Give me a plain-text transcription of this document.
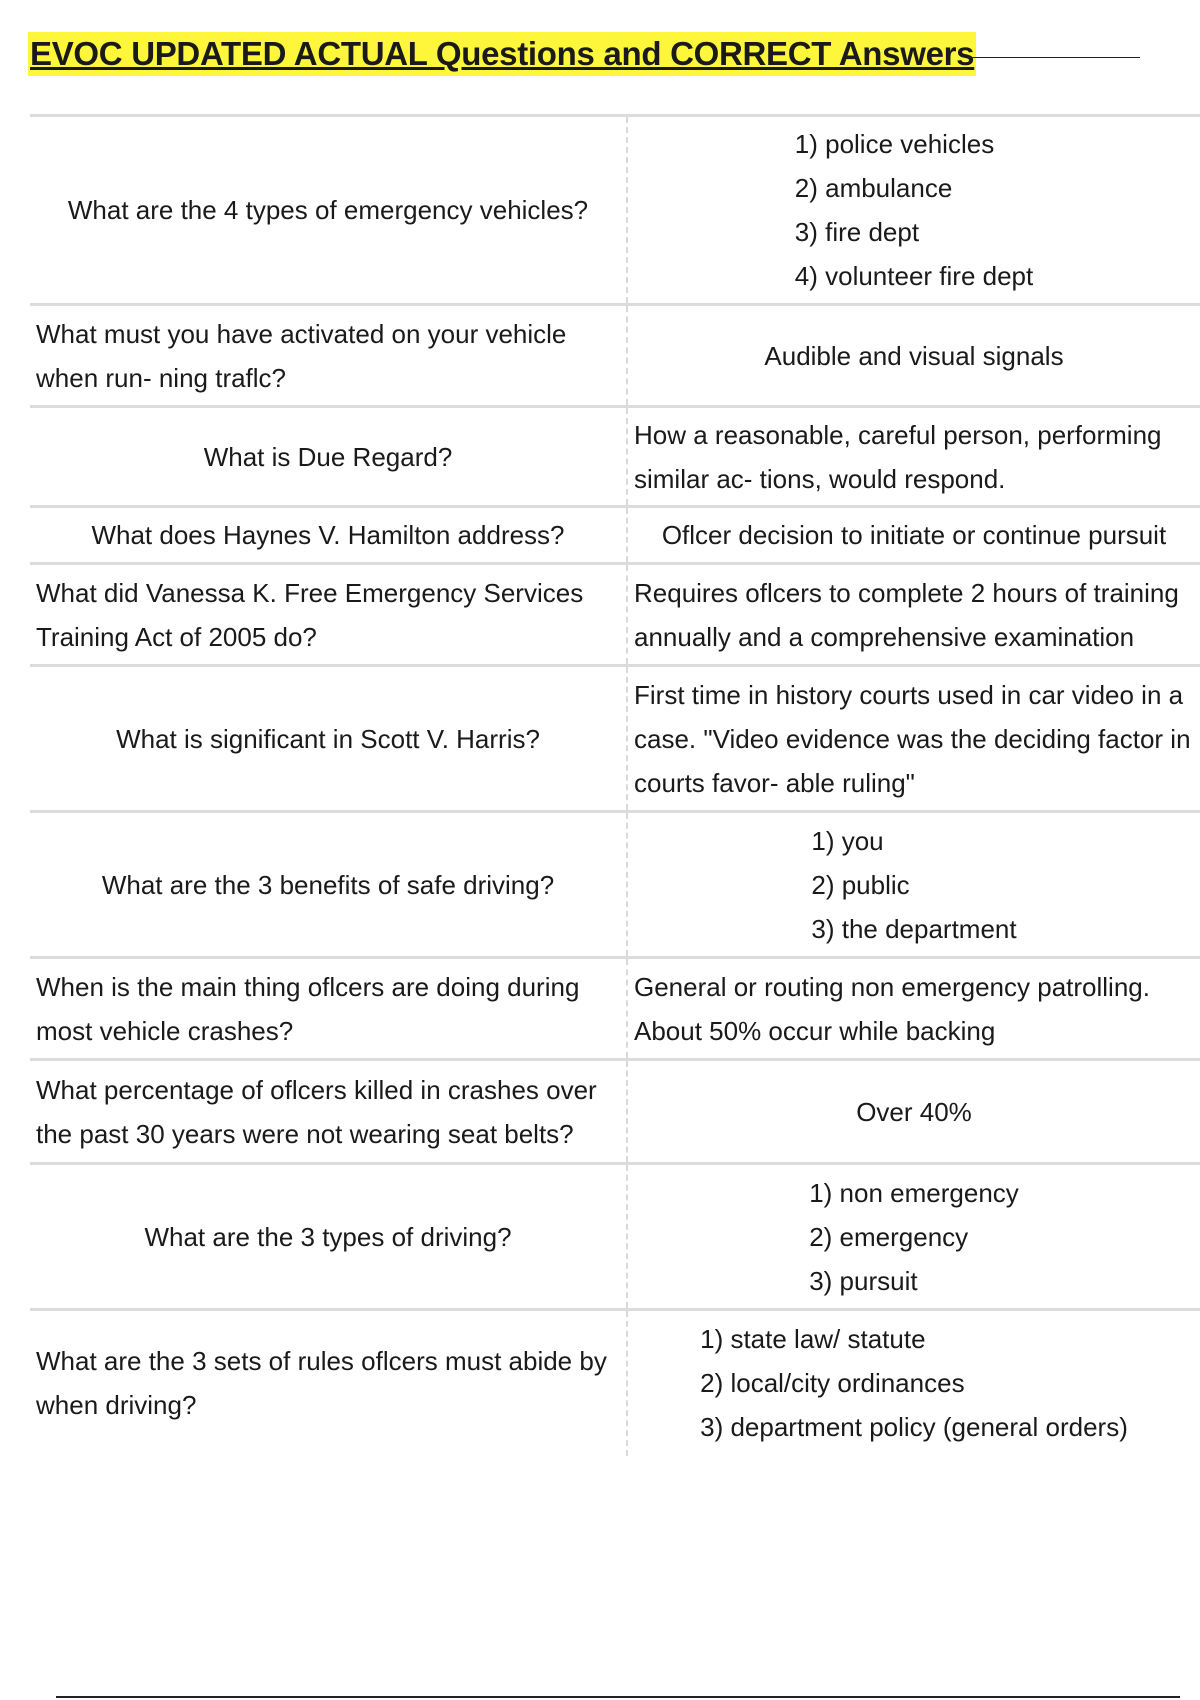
EVOC UPDATED ACTUAL Questions and CORRECT Answers
What are the 4 types of emergency vehicles?	1) police vehicles
2) ambulance
3) fire dept
4) volunteer fire dept

What must you have activated on your vehicle when run- ning traflc?	Audible and visual signals
What is Due Regard?	How a reasonable, careful person, performing similar ac- tions, would respond.
What does Haynes V. Hamilton address?	Oflcer decision to initiate or continue pursuit
What did Vanessa K. Free Emergency Services Training Act of 2005 do?	Requires oflcers to complete 2 hours of training annually and a comprehensive examination
What is significant in Scott V. Harris?	First time in history courts used in car video in a case. "Video evidence was the deciding factor in courts favor- able ruling"
What are the 3 benefits of safe driving?	1) you
2) public
3) the department

When is the main thing oflcers are doing during most vehicle crashes?	General or routing non emergency patrolling. About 50% occur while backing
What percentage of oflcers killed in crashes over the past 30 years were not wearing seat belts?	Over 40%
What are the 3 types of driving?	1) non emergency
2) emergency
3) pursuit

What are the 3 sets of rules oflcers must abide by when driving?	1) state law/ statute
2) local/city ordinances
3) department policy (general orders)
